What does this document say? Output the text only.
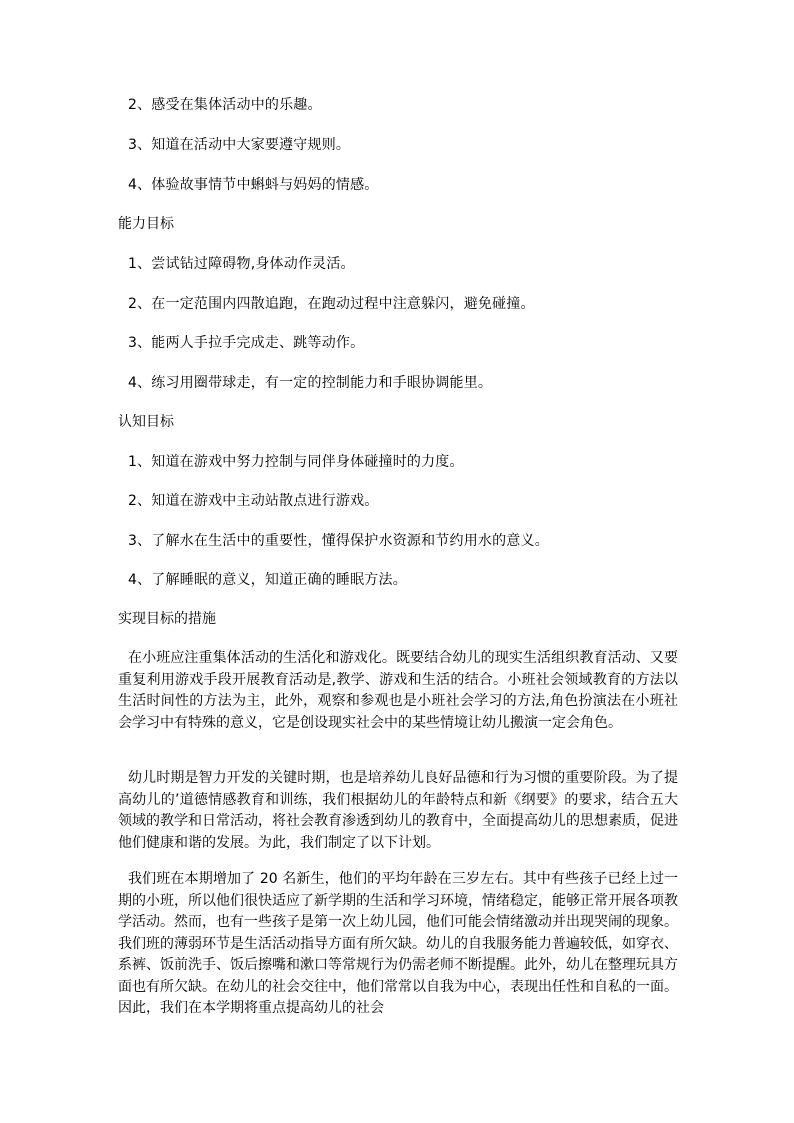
2、感受在集体活动中的乐趣。
3、知道在活动中大家要遵守规则。
4、体验故事情节中蝌蚪与妈妈的情感。
能力目标
1、尝试钻过障碍物,身体动作灵活。
2、在一定范围内四散追跑，在跑动过程中注意躲闪，避免碰撞。
3、能两人手拉手完成走、跳等动作。
4、练习用圈带球走，有一定的控制能力和手眼协调能里。
认知目标
1、知道在游戏中努力控制与同伴身体碰撞时的力度。
2、知道在游戏中主动站散点进行游戏。
3、了解水在生活中的重要性，懂得保护水资源和节约用水的意义。
4、了解睡眠的意义，知道正确的睡眠方法。
实现目标的措施
在小班应注重集体活动的生活化和游戏化。既要结合幼儿的现实生活组织教育活动、又要重复利用游戏手段开展教育活动是,教学、游戏和生活的结合。小班社会领域教育的方法以生活时间性的方法为主，此外，观察和参观也是小班社会学习的方法,角色扮演法在小班社会学习中有特殊的意义，它是创设现实社会中的某些情境让幼儿搬演一定会角色。
幼儿时期是智力开发的关键时期，也是培养幼儿良好品德和行为习惯的重要阶段。为了提高幼儿的’道德情感教育和训练，我们根据幼儿的年龄特点和新《纲要》的要求，结合五大领域的教学和日常活动，将社会教育渗透到幼儿的教育中，全面提高幼儿的思想素质，促进他们健康和谐的发展。为此，我们制定了以下计划。
我们班在本期增加了 20 名新生，他们的平均年龄在三岁左右。其中有些孩子已经上过一期的小班，所以他们很快适应了新学期的生活和学习环境，情绪稳定，能够正常开展各项教学活动。然而，也有一些孩子是第一次上幼儿园，他们可能会情绪激动并出现哭闹的现象。我们班的薄弱环节是生活活动指导方面有所欠缺。幼儿的自我服务能力普遍较低，如穿衣、系裤、饭前洗手、饭后擦嘴和漱口等常规行为仍需老师不断提醒。此外，幼儿在整理玩具方面也有所欠缺。在幼儿的社会交往中，他们常常以自我为中心，表现出任性和自私的一面。因此，我们在本学期将重点提高幼儿的社会
